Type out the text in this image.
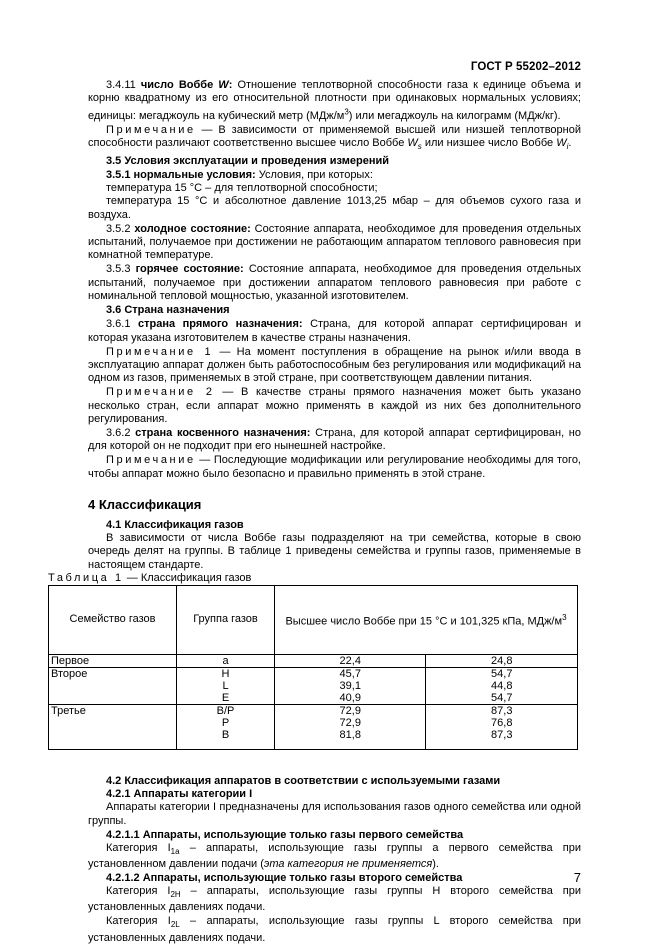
ГОСТ Р 55202–2012

3.4.11 число Воббе W: Отношение теплотворной способности газа к единице объема и корню квадратному из его относительной плотности при одинаковых нормальных условиях; единицы: мегаджоуль на кубический метр $(МДж/м^3)$ или мегаджоуль на килограмм (МДж/кг).

Примечание — В зависимости от применяемой высшей или низшей теплотворной способности различают соответственно высшее число Воббе $W_s$ или низшее число Воббе $W_i$.

3.5 Условия эксплуатации и проведения измерений

3.5.1 нормальные условия: Условия, при которых:

температура 15 °С – для теплотворной способности;

температура 15 °С и абсолютное давление 1013,25 мбар – для объемов сухого газа и воздуха.

3.5.2 холодное состояние: Состояние аппарата, необходимое для проведения отдельных испытаний, получаемое при достижении не работающим аппаратом теплового равновесия при комнатной температуре.

3.5.3 горячее состояние: Состояние аппарата, необходимое для проведения отдельных испытаний, получаемое при достижении аппаратом теплового равновесия при работе с номинальной тепловой мощностью, указанной изготовителем.

3.6 Страна назначения

3.6.1 страна прямого назначения: Страна, для которой аппарат сертифицирован и которая указана изготовителем в качестве страны назначения.

Примечание 1 — На момент поступления в обращение на рынок и/или ввода в эксплуатацию аппарат должен быть работоспособным без регулирования или модификаций на одном из газов, применяемых в этой стране, при соответствующем давлении питания.

Примечание 2 — В качестве страны прямого назначения может быть указано несколько стран, если аппарат можно применять в каждой из них без дополнительного регулирования.

3.6.2 страна косвенного назначения: Страна, для которой аппарат сертифицирован, но для которой он не подходит при его нынешней настройке.

Примечание — Последующие модификации или регулирование необходимы для того, чтобы аппарат можно было безопасно и правильно применять в этой стране.

4 Классификация

4.1 Классификация газов

В зависимости от числа Воббе газы подразделяют на три семейства, которые в свою очередь делят на группы. В таблице 1 приведены семейства и группы газов, применяемые в настоящем стандарте.

Таблица 1 — Классификация газов

Семейство газов	Группа газов	Высшее число Воббе при 15 °С и 101,325 кПа, МДж/$м^3$
Первое	a	22,4	24,8
Второе	H	45,7	54,7
	L	39,1	44,8
	E	40,9	54,7
Третье	B/P	72,9	87,3
	P	72,9	76,8
	B	81,8	87,3

4.2 Классификация аппаратов в соответствии с используемыми газами

4.2.1 Аппараты категории I

Аппараты категории I предназначены для использования газов одного семейства или одной группы.

4.2.1.1 Аппараты, использующие только газы первого семейства

Категория $I_{1a}$ – аппараты, использующие газы группы а первого семейства при установленном давлении подачи (эта категория не применяется).

4.2.1.2 Аппараты, использующие только газы второго семейства

Категория $I_{2H}$ – аппараты, использующие газы группы Н второго семейства при установленных давлениях подачи.

Категория $I_{2L}$ – аппараты, использующие газы группы L второго семейства при установленных давлениях подачи.

7
